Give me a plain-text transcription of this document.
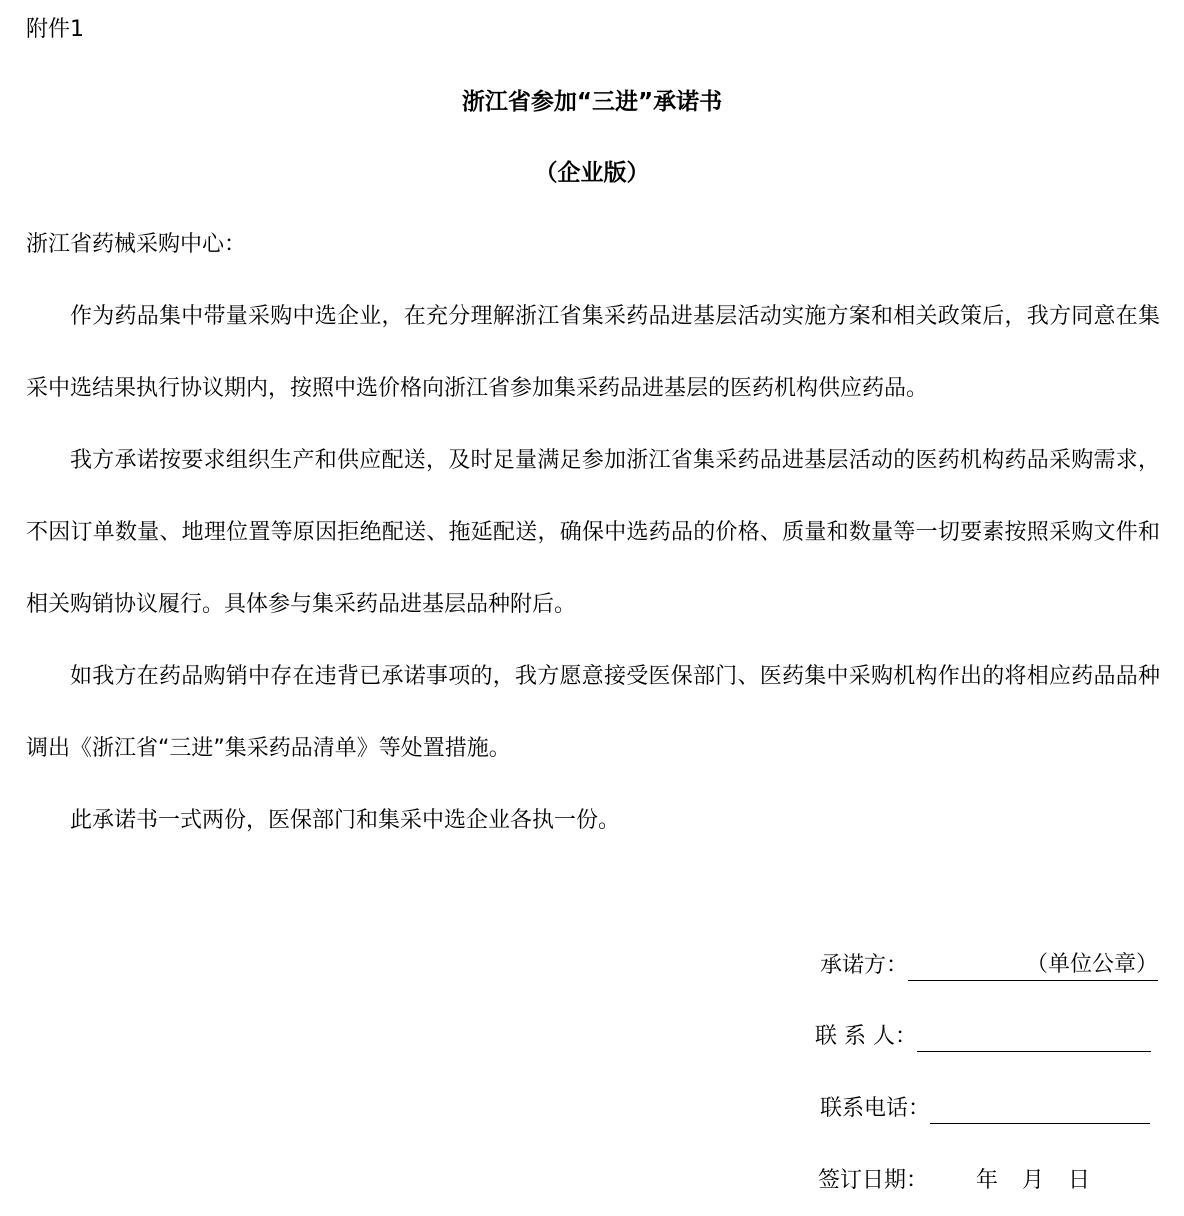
附件1
浙江省参加“三进”承诺书
（企业版）
浙江省药械采购中心：

作为药品集中带量采购中选企业，在充分理解浙江省集采药品进基层活动实施方案和相关政策后，我方同意在集采中选结果执行协议期内，按照中选价格向浙江省参加集采药品进基层的医药机构供应药品。

我方承诺按要求组织生产和供应配送，及时足量满足参加浙江省集采药品进基层活动的医药机构药品采购需求，不因订单数量、地理位置等原因拒绝配送、拖延配送，确保中选药品的价格、质量和数量等一切要素按照采购文件和相关购销协议履行。具体参与集采药品进基层品种附后。

如我方在药品购销中存在违背已承诺事项的，我方愿意接受医保部门、医药集中采购机构作出的将相应药品品种调出《浙江省“三进”集采药品清单》等处置措施。

此承诺书一式两份，医保部门和集采中选企业各执一份。

承诺方：	（单位公章）
联 系 人：
联系电话：
签订日期： 年 月 日
